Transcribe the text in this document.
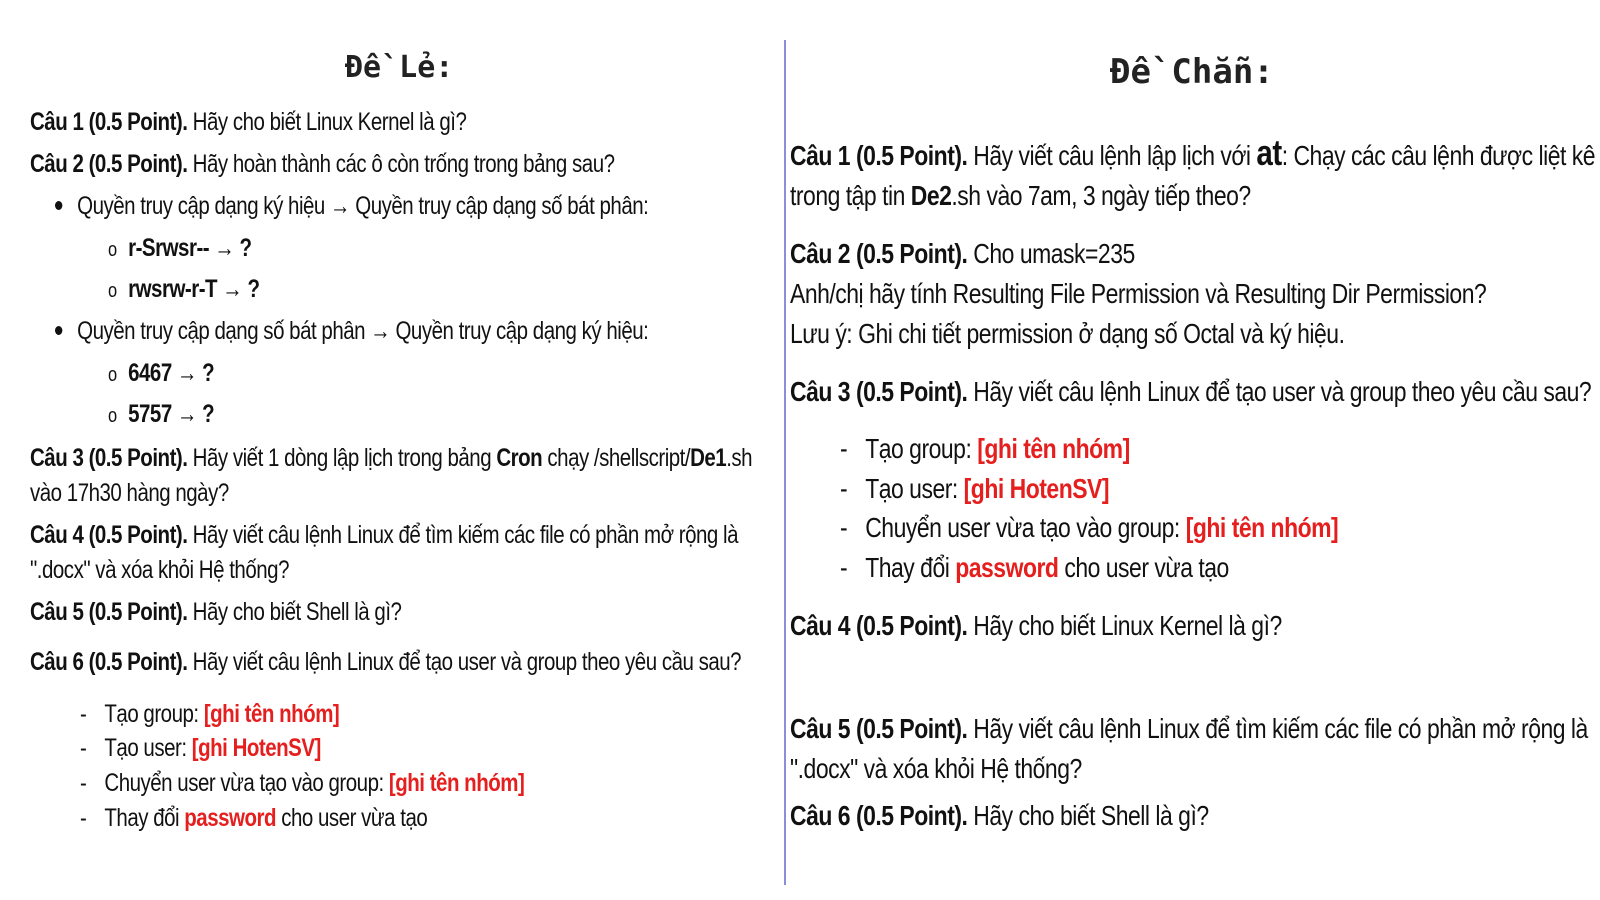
Đề Lẻ:
Câu 1 (0.5 Point). Hãy cho biết Linux Kernel là gì?
Câu 2 (0.5 Point). Hãy hoàn thành các ô còn trống trong bảng sau?
Quyền truy cập dạng ký hiệu → Quyền truy cập dạng số bát phân:
o r-Srwsr-- → ?
o rwsrw-r-T → ?
Quyền truy cập dạng số bát phân → Quyền truy cập dạng ký hiệu:
o 6467 → ?
o 5757 → ?
Câu 3 (0.5 Point). Hãy viết 1 dòng lập lịch trong bảng Cron chạy /shellscript/De1.sh
vào 17h30 hàng ngày?
Câu 4 (0.5 Point). Hãy viết câu lệnh Linux để tìm kiếm các file có phần mở rộng là
".docx" và xóa khỏi Hệ thống?
Câu 5 (0.5 Point). Hãy cho biết Shell là gì?
Câu 6 (0.5 Point). Hãy viết câu lệnh Linux để tạo user và group theo yêu cầu sau?
- Tạo group: [ghi tên nhóm]
- Tạo user: [ghi HotenSV]
- Chuyển user vừa tạo vào group: [ghi tên nhóm]
- Thay đổi password cho user vừa tạo
Đề Chẵn:
Câu 1 (0.5 Point). Hãy viết câu lệnh lập lịch với at: Chạy các câu lệnh được liệt kê
trong tập tin De2.sh vào 7am, 3 ngày tiếp theo?
Câu 2 (0.5 Point). Cho umask=235
Anh/chị hãy tính Resulting File Permission và Resulting Dir Permission?
Lưu ý: Ghi chi tiết permission ở dạng số Octal và ký hiệu.
Câu 3 (0.5 Point). Hãy viết câu lệnh Linux để tạo user và group theo yêu cầu sau?
- Tạo group: [ghi tên nhóm]
- Tạo user: [ghi HotenSV]
- Chuyển user vừa tạo vào group: [ghi tên nhóm]
- Thay đổi password cho user vừa tạo
Câu 4 (0.5 Point). Hãy cho biết Linux Kernel là gì?
Câu 5 (0.5 Point). Hãy viết câu lệnh Linux để tìm kiếm các file có phần mở rộng là
".docx" và xóa khỏi Hệ thống?
Câu 6 (0.5 Point). Hãy cho biết Shell là gì?
